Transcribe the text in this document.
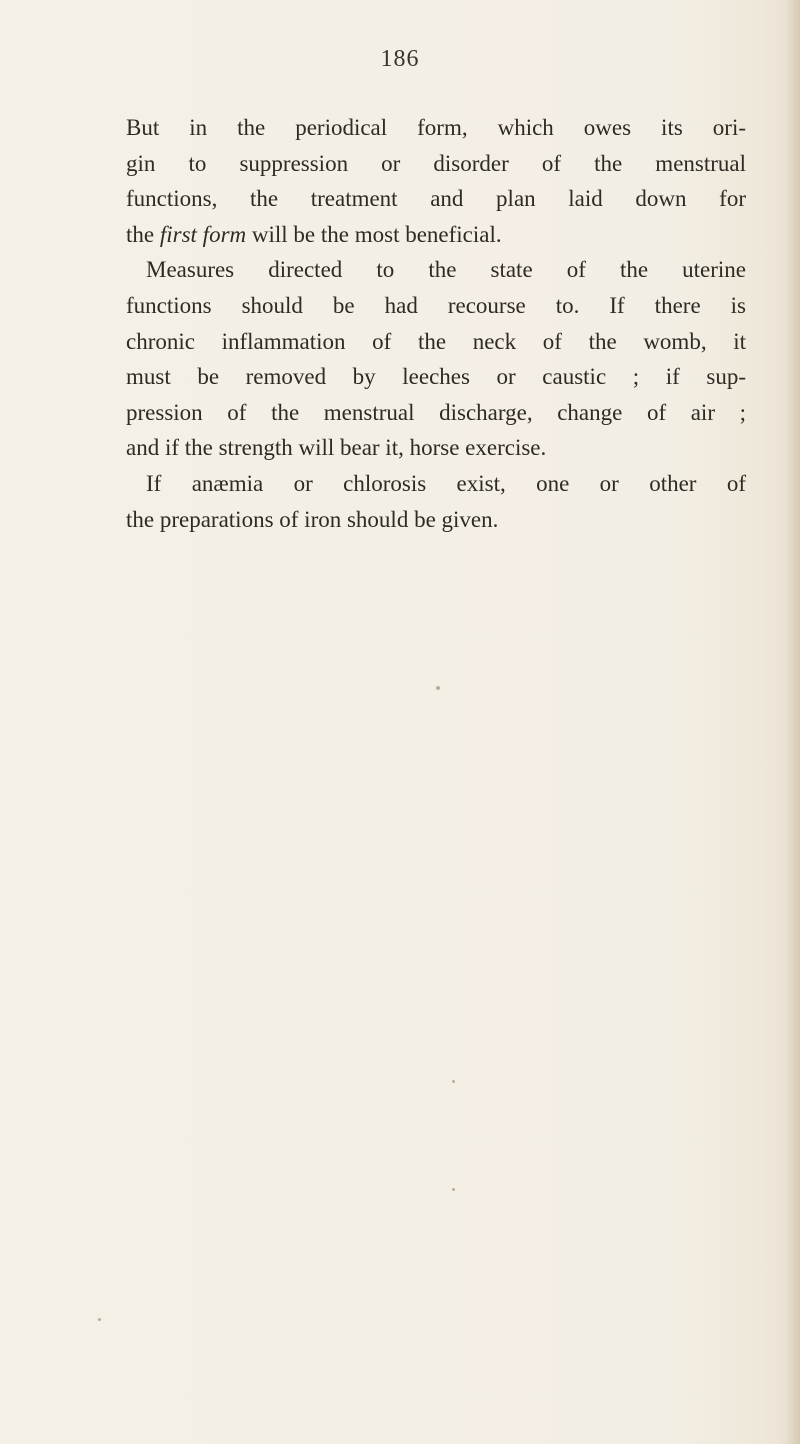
186
But in the periodical form, which owes its ori-
gin to suppression or disorder of the menstrual
functions, the treatment and plan laid down for
the first form will be the most beneficial.
Measures directed to the state of the uterine
functions should be had recourse to. If there is
chronic inflammation of the neck of the womb, it
must be removed by leeches or caustic ; if sup-
pression of the menstrual discharge, change of air ;
and if the strength will bear it, horse exercise.
If anæmia or chlorosis exist, one or other of
the preparations of iron should be given.
